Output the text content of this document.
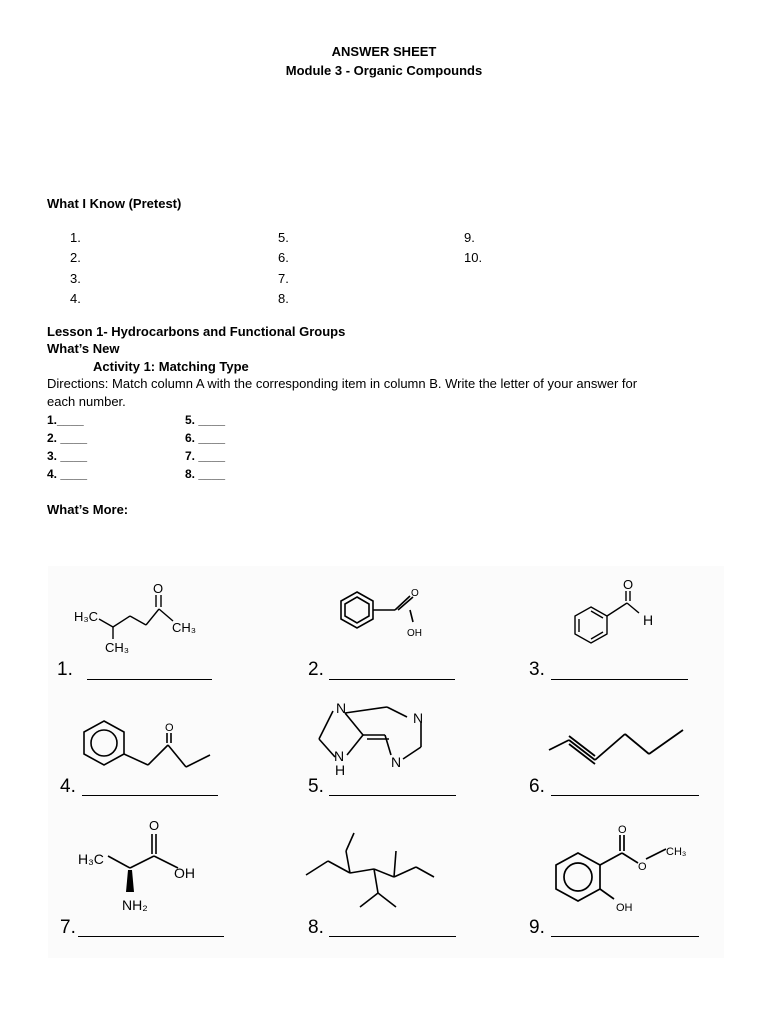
ANSWER SHEET
Module 3 - Organic Compounds
What I Know (Pretest)
1.
2.
3.
4.
5.
6.
7.
8.
9.
10.
Lesson 1- Hydrocarbons and Functional Groups
What’s New
Activity 1: Matching Type
Directions: Match column A with the corresponding item in column B. Write the letter of your answer for
each number.
1.____
2. ____
3. ____
4. ____
5. ____
6. ____
7. ____
8. ____
What’s More:
H₃C
CH₃
O
CH₃
O
OH
O
H
O
N
N
H
N
N
H₃C
O
OH
NH₂
O
O
CH₃
OH
1.	2.	3.
4.	5.	6.
7.	8.	9.
